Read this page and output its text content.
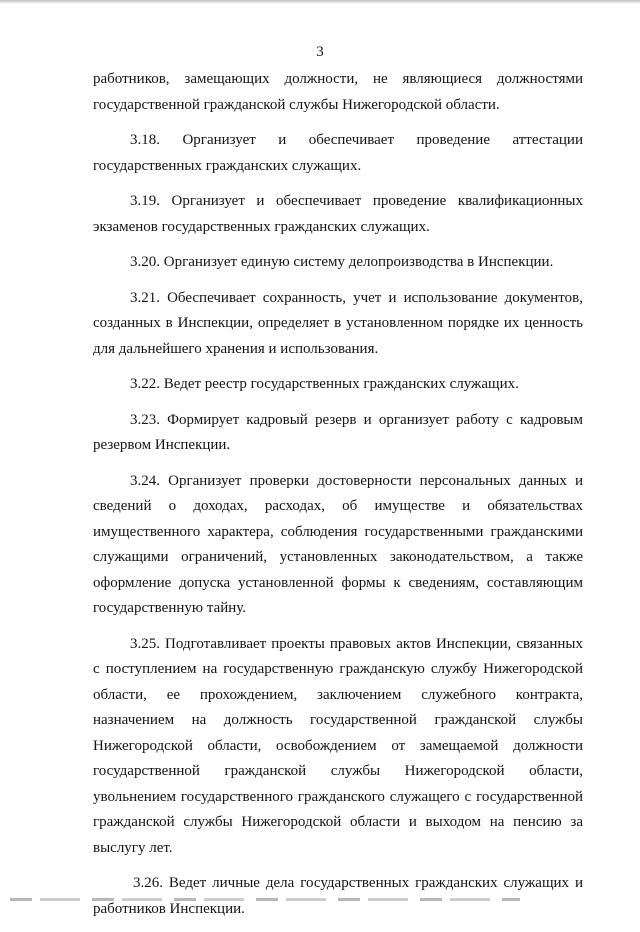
3

работников, замещающих должности, не являющиеся должностями государственной гражданской службы Нижегородской области.

3.18. Организует и обеспечивает проведение аттестации государственных гражданских служащих.

3.19. Организует и обеспечивает проведение квалификационных экзаменов государственных гражданских служащих.

3.20. Организует единую систему делопроизводства в Инспекции.

3.21. Обеспечивает сохранность, учет и использование документов, созданных в Инспекции, определяет в установленном порядке их ценность для дальнейшего хранения и использования.

3.22. Ведет реестр государственных гражданских служащих.

3.23. Формирует кадровый резерв и организует работу с кадровым резервом Инспекции.

3.24. Организует проверки достоверности персональных данных и сведений о доходах, расходах, об имуществе и обязательствах имущественного характера, соблюдения государственными гражданскими служащими ограничений, установленных законодательством, а также оформление допуска установленной формы к сведениям, составляющим государственную тайну.

3.25. Подготавливает проекты правовых актов Инспекции, связанных с поступлением на государственную гражданскую службу Нижегородской области, ее прохождением, заключением служебного контракта, назначением на должность государственной гражданской службы Нижегородской области, освобождением от замещаемой должности государственной гражданской службы Нижегородской области, увольнением государственного гражданского служащего с государственной гражданской службы Нижегородской области и выходом на пенсию за выслугу лет.

3.26. Ведет личные дела государственных гражданских служащих и работников Инспекции.
